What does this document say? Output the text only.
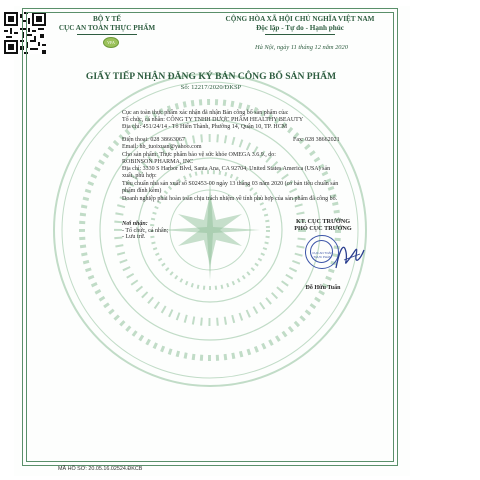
BỘ Y TẾ
CỤC AN TOÀN THỰC PHẨM
VFA
CỘNG HÒA XÃ HỘI CHỦ NGHĨA VIỆT NAM
Độc lập - Tự do - Hạnh phúc
Hà Nội, ngày 11 tháng 12 năm 2020
GIẤY TIẾP NHẬN ĐĂNG KÝ BẢN CÔNG BỐ SẢN PHẨM
Số: 12217/2020/ĐKSP
Cục an toàn thực phẩm xác nhận đã nhận Bản công bố sản phẩm của:
Tổ chức, cá nhân: CÔNG TY TNHH DƯỢC PHẨM HEALTHY BEAUTY
Địa chỉ: 451/24/14 - Tô Hiến Thành, Phường 14, Quận 10, TP. HCM
Điện thoại: 028 38663067	Fax: 028 38662021
Email: hb_tuoixuan@yahoo.com
Cho sản phẩm: Thực phẩm bảo vệ sức khỏe OMEGA 3.6.9., do:
ROBINSON PHARMA, INC
Địa chỉ: 3330 S Harbor Blvd, Santa Ana, CA 92704, United States America (USA) sản
xuất, phù hợp:
Tiêu chuẩn nhà sản xuất số S02453-00 ngày 13 tháng 03 năm 2020 (có bản tiêu chuẩn sản
phẩm đính kèm)
Doanh nghiệp phải hoàn toàn chịu trách nhiệm về tính phù hợp của sản phẩm đã công bố.
Nơi nhận:
- Tổ chức, cá nhân;
- Lưu trữ.
KT. CỤC TRƯỞNG
PHÓ CỤC TRƯỞNG
CỤC AN TOÀN THỰC PHẨM
Đỗ Hữu Tuấn
MÃ HỒ SƠ: 20.05.16.02524.ĐKCB
